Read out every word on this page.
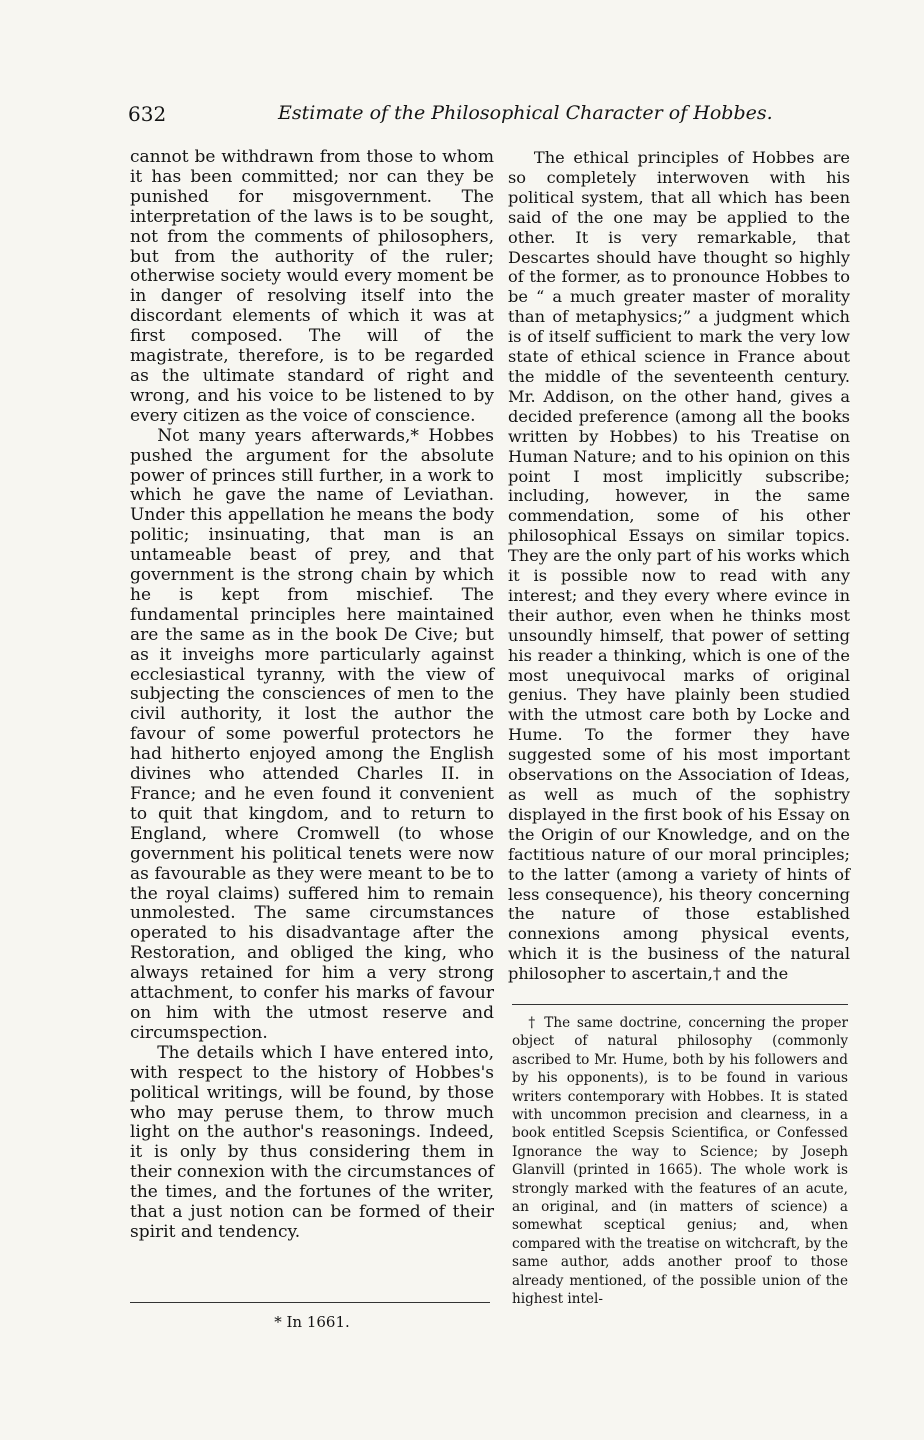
632	Estimate of the Philosophical Character of Hobbes.

cannot be withdrawn from those to whom it has been committed; nor can they be punished for misgovernment. The interpretation of the laws is to be sought, not from the comments of philosophers, but from the authority of the ruler; otherwise society would every moment be in danger of resolving itself into the discordant elements of which it was at first composed. The will of the magistrate, therefore, is to be regarded as the ultimate standard of right and wrong, and his voice to be listened to by every citizen as the voice of conscience.

Not many years afterwards,* Hobbes pushed the argument for the absolute power of princes still further, in a work to which he gave the name of Leviathan. Under this appellation he means the body politic; insinuating, that man is an untameable beast of prey, and that government is the strong chain by which he is kept from mischief. The fundamental principles here maintained are the same as in the book De Cive; but as it inveighs more particularly against ecclesiastical tyranny, with the view of subjecting the consciences of men to the civil authority, it lost the author the favour of some powerful protectors he had hitherto enjoyed among the English divines who attended Charles II. in France; and he even found it convenient to quit that kingdom, and to return to England, where Cromwell (to whose government his political tenets were now as favourable as they were meant to be to the royal claims) suffered him to remain unmolested. The same circumstances operated to his disadvantage after the Restoration, and obliged the king, who always retained for him a very strong attachment, to confer his marks of favour on him with the utmost reserve and circumspection.

The details which I have entered into, with respect to the history of Hobbes's political writings, will be found, by those who may peruse them, to throw much light on the author's reasonings. Indeed, it is only by thus considering them in their connexion with the circumstances of the times, and the fortunes of the writer, that a just notion can be formed of their spirit and tendency.

* In 1661.

The ethical principles of Hobbes are so completely interwoven with his political system, that all which has been said of the one may be applied to the other. It is very remarkable, that Descartes should have thought so highly of the former, as to pronounce Hobbes to be “ a much greater master of morality than of metaphysics;” a judgment which is of itself sufficient to mark the very low state of ethical science in France about the middle of the seventeenth century. Mr. Addison, on the other hand, gives a decided preference (among all the books written by Hobbes) to his Treatise on Human Nature; and to his opinion on this point I most implicitly subscribe; including, however, in the same commendation, some of his other philosophical Essays on similar topics. They are the only part of his works which it is possible now to read with any interest; and they every where evince in their author, even when he thinks most unsoundly himself, that power of setting his reader a thinking, which is one of the most unequivocal marks of original genius. They have plainly been studied with the utmost care both by Locke and Hume. To the former they have suggested some of his most important observations on the Association of Ideas, as well as much of the sophistry displayed in the first book of his Essay on the Origin of our Knowledge, and on the factitious nature of our moral principles; to the latter (among a variety of hints of less consequence), his theory concerning the nature of those established connexions among physical events, which it is the business of the natural philosopher to ascertain,† and the

† The same doctrine, concerning the proper object of natural philosophy (commonly ascribed to Mr. Hume, both by his followers and by his opponents), is to be found in various writers contemporary with Hobbes. It is stated with uncommon precision and clearness, in a book entitled Scepsis Scientifica, or Confessed Ignorance the way to Science; by Joseph Glanvill (printed in 1665). The whole work is strongly marked with the features of an acute, an original, and (in matters of science) a somewhat sceptical genius; and, when compared with the treatise on witchcraft, by the same author, adds another proof to those already mentioned, of the possible union of the highest intel-
